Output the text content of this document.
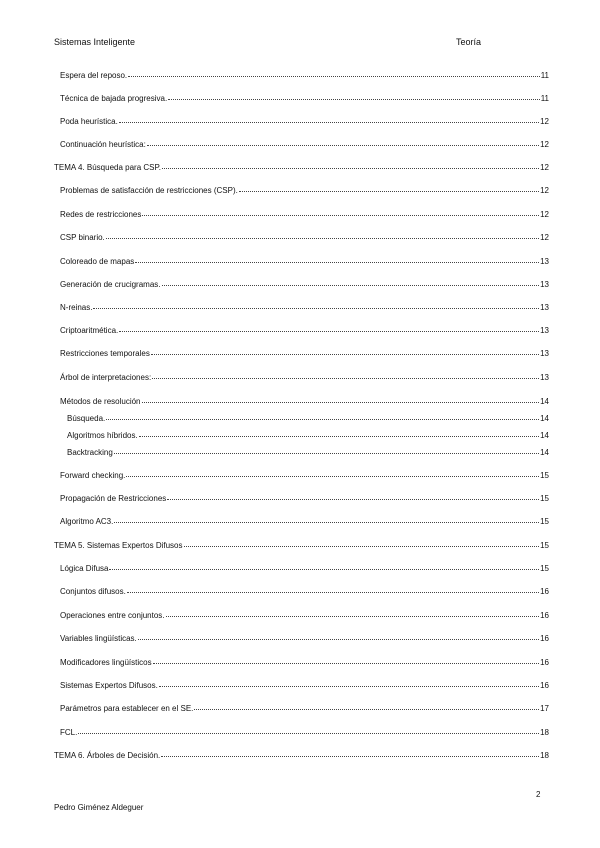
Sistemas Inteligente	Teoría
Espera del reposo.	11
Técnica de bajada progresiva.	11
Poda heurística.	12
Continuación heurística:	12
TEMA 4. Búsqueda para CSP.	12
Problemas de satisfacción de restricciones (CSP).	12
Redes de restricciones	12
CSP binario.	12
Coloreado de mapas	13
Generación de crucigramas.	13
N-reinas.	13
Criptoaritmética.	13
Restricciones temporales	13
Árbol de interpretaciones:	13
Métodos de resolución	14
Búsqueda.	14
Algoritmos híbridos.	14
Backtracking	14
Forward checking.	15
Propagación de Restricciones	15
Algoritmo AC3.	15
TEMA 5. Sistemas Expertos Difusos	15
Lógica Difusa	15
Conjuntos difusos.	16
Operaciones entre conjuntos.	16
Variables lingüísticas.	16
Modificadores lingüísticos	16
Sistemas Expertos Difusos.	16
Parámetros para establecer en el SE.	17
FCL.	18
TEMA 6. Árboles de Decisión.	18
2
Pedro Giménez Aldeguer
